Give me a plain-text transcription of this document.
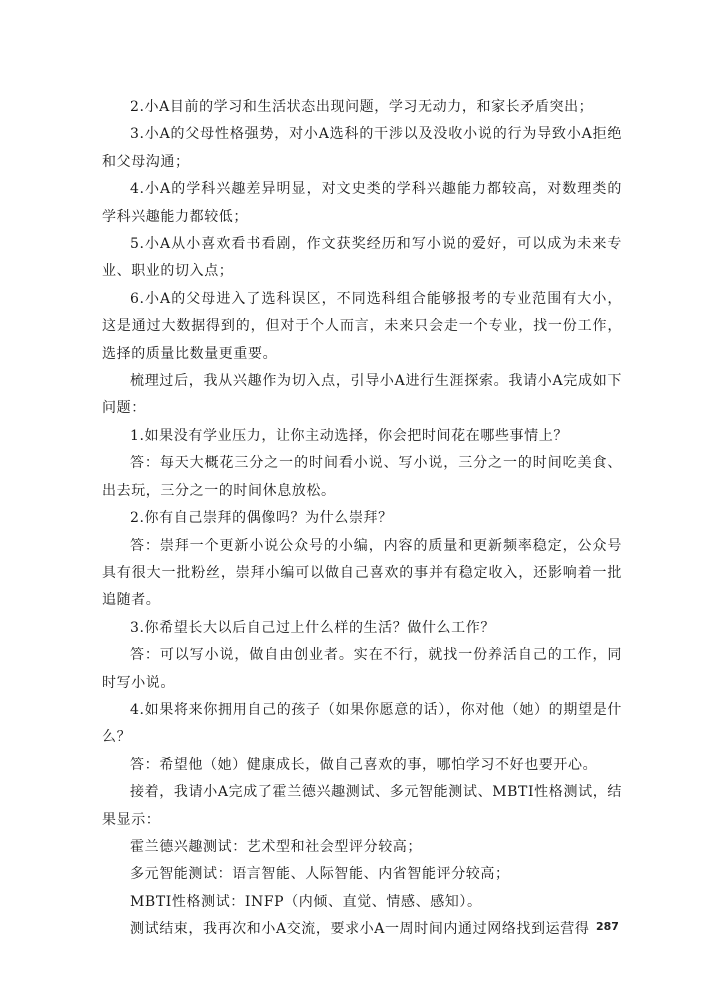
2.小A目前的学习和生活状态出现问题，学习无动力，和家长矛盾突出；

3.小A的父母性格强势，对小A选科的干涉以及没收小说的行为导致小A拒绝和父母沟通；

4.小A的学科兴趣差异明显，对文史类的学科兴趣能力都较高，对数理类的学科兴趣能力都较低；

5.小A从小喜欢看书看剧，作文获奖经历和写小说的爱好，可以成为未来专业、职业的切入点；

6.小A的父母进入了选科误区，不同选科组合能够报考的专业范围有大小，这是通过大数据得到的，但对于个人而言，未来只会走一个专业，找一份工作，选择的质量比数量更重要。

梳理过后，我从兴趣作为切入点，引导小A进行生涯探索。我请小A完成如下问题：

1.如果没有学业压力，让你主动选择，你会把时间花在哪些事情上？

答：每天大概花三分之一的时间看小说、写小说，三分之一的时间吃美食、出去玩，三分之一的时间休息放松。

2.你有自己崇拜的偶像吗？为什么崇拜？

答：崇拜一个更新小说公众号的小编，内容的质量和更新频率稳定，公众号具有很大一批粉丝，崇拜小编可以做自己喜欢的事并有稳定收入，还影响着一批追随者。

3.你希望长大以后自己过上什么样的生活？做什么工作？

答：可以写小说，做自由创业者。实在不行，就找一份养活自己的工作，同时写小说。

4.如果将来你拥用自己的孩子（如果你愿意的话），你对他（她）的期望是什么？

答：希望他（她）健康成长，做自己喜欢的事，哪怕学习不好也要开心。

接着，我请小A完成了霍兰德兴趣测试、多元智能测试、MBTI性格测试，结果显示：

霍兰德兴趣测试：艺术型和社会型评分较高；

多元智能测试：语言智能、人际智能、内省智能评分较高；

MBTI性格测试：INFP（内倾、直觉、情感、感知）。

测试结束，我再次和小A交流，要求小A一周时间内通过网络找到运营得 287
